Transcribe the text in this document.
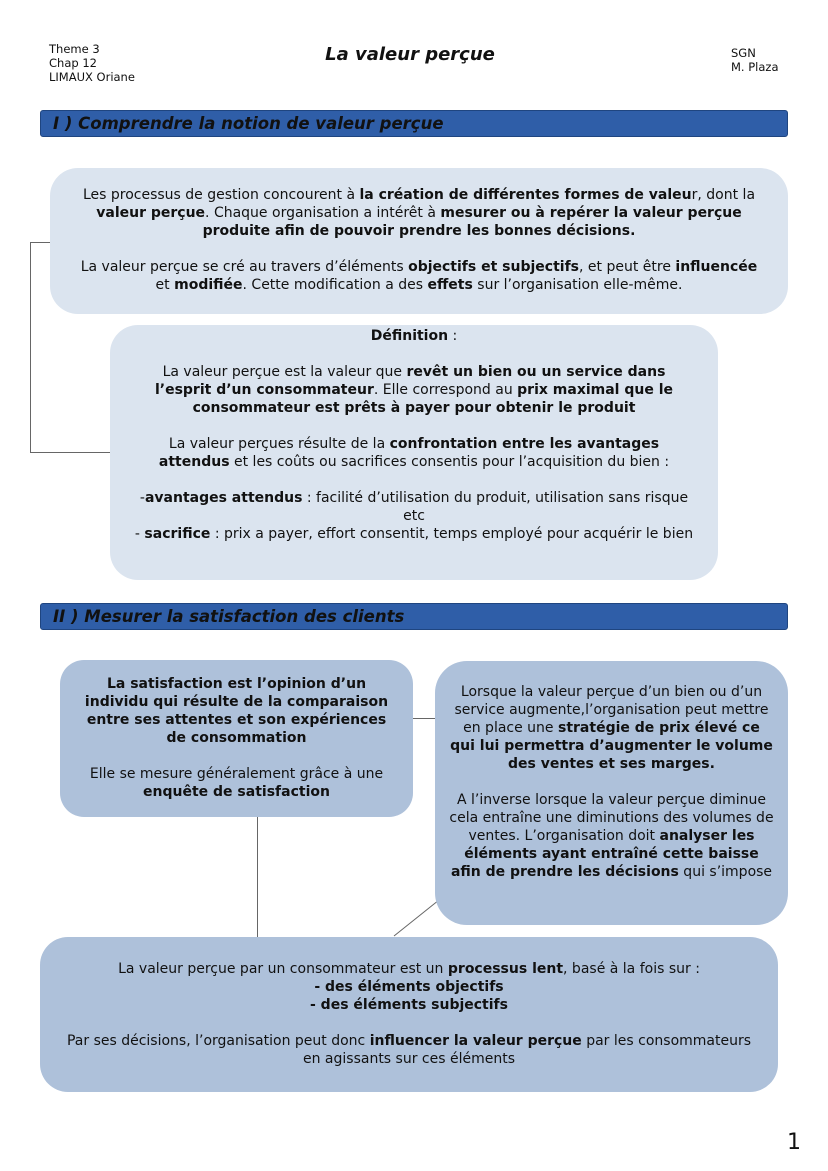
Theme 3
Chap 12
LIMAUX Oriane
La valeur perçue	SGN
M. Plaza
I ) Comprendre la notion de valeur perçue

Les processus de gestion concourent à la création de différentes formes de valeur, dont la valeur perçue. Chaque organisation a intérêt à mesurer ou à repérer la valeur perçue produite afin de pouvoir prendre les bonnes décisions.

La valeur perçue se cré au travers d’éléments objectifs et subjectifs, et peut être influencée et modifiée. Cette modification a des effets sur l’organisation elle-même.

Définition :

La valeur perçue est la valeur que revêt un bien ou un service dans l’esprit d’un consommateur. Elle correspond au prix maximal que le consommateur est prêts à payer pour obtenir le produit

La valeur perçues résulte de la confrontation entre les avantages attendus et les coûts ou sacrifices consentis pour l’acquisition du bien :

-avantages attendus : facilité d’utilisation du produit, utilisation sans risque etc

- sacrifice : prix a payer, effort consentit, temps employé pour acquérir le bien

II ) Mesurer la satisfaction des clients

La satisfaction est l’opinion d’un individu qui résulte de la comparaison entre ses attentes et son expériences de consommation

Elle se mesure généralement grâce à une enquête de satisfaction

Lorsque la valeur perçue d’un bien ou d’un service augmente,l’organisation peut mettre en place une stratégie de prix élevé ce qui lui permettra d’augmenter le volume des ventes et ses marges.

A l’inverse lorsque la valeur perçue diminue cela entraîne une diminutions des volumes de ventes. L’organisation doit analyser les éléments ayant entraîné cette baisse afin de prendre les décisions qui s’impose

La valeur perçue par un consommateur est un processus lent, basé à la fois sur :

- des éléments objectifs

- des éléments subjectifs

Par ses décisions, l’organisation peut donc influencer la valeur perçue par les consommateurs en agissants sur ces éléments

1
